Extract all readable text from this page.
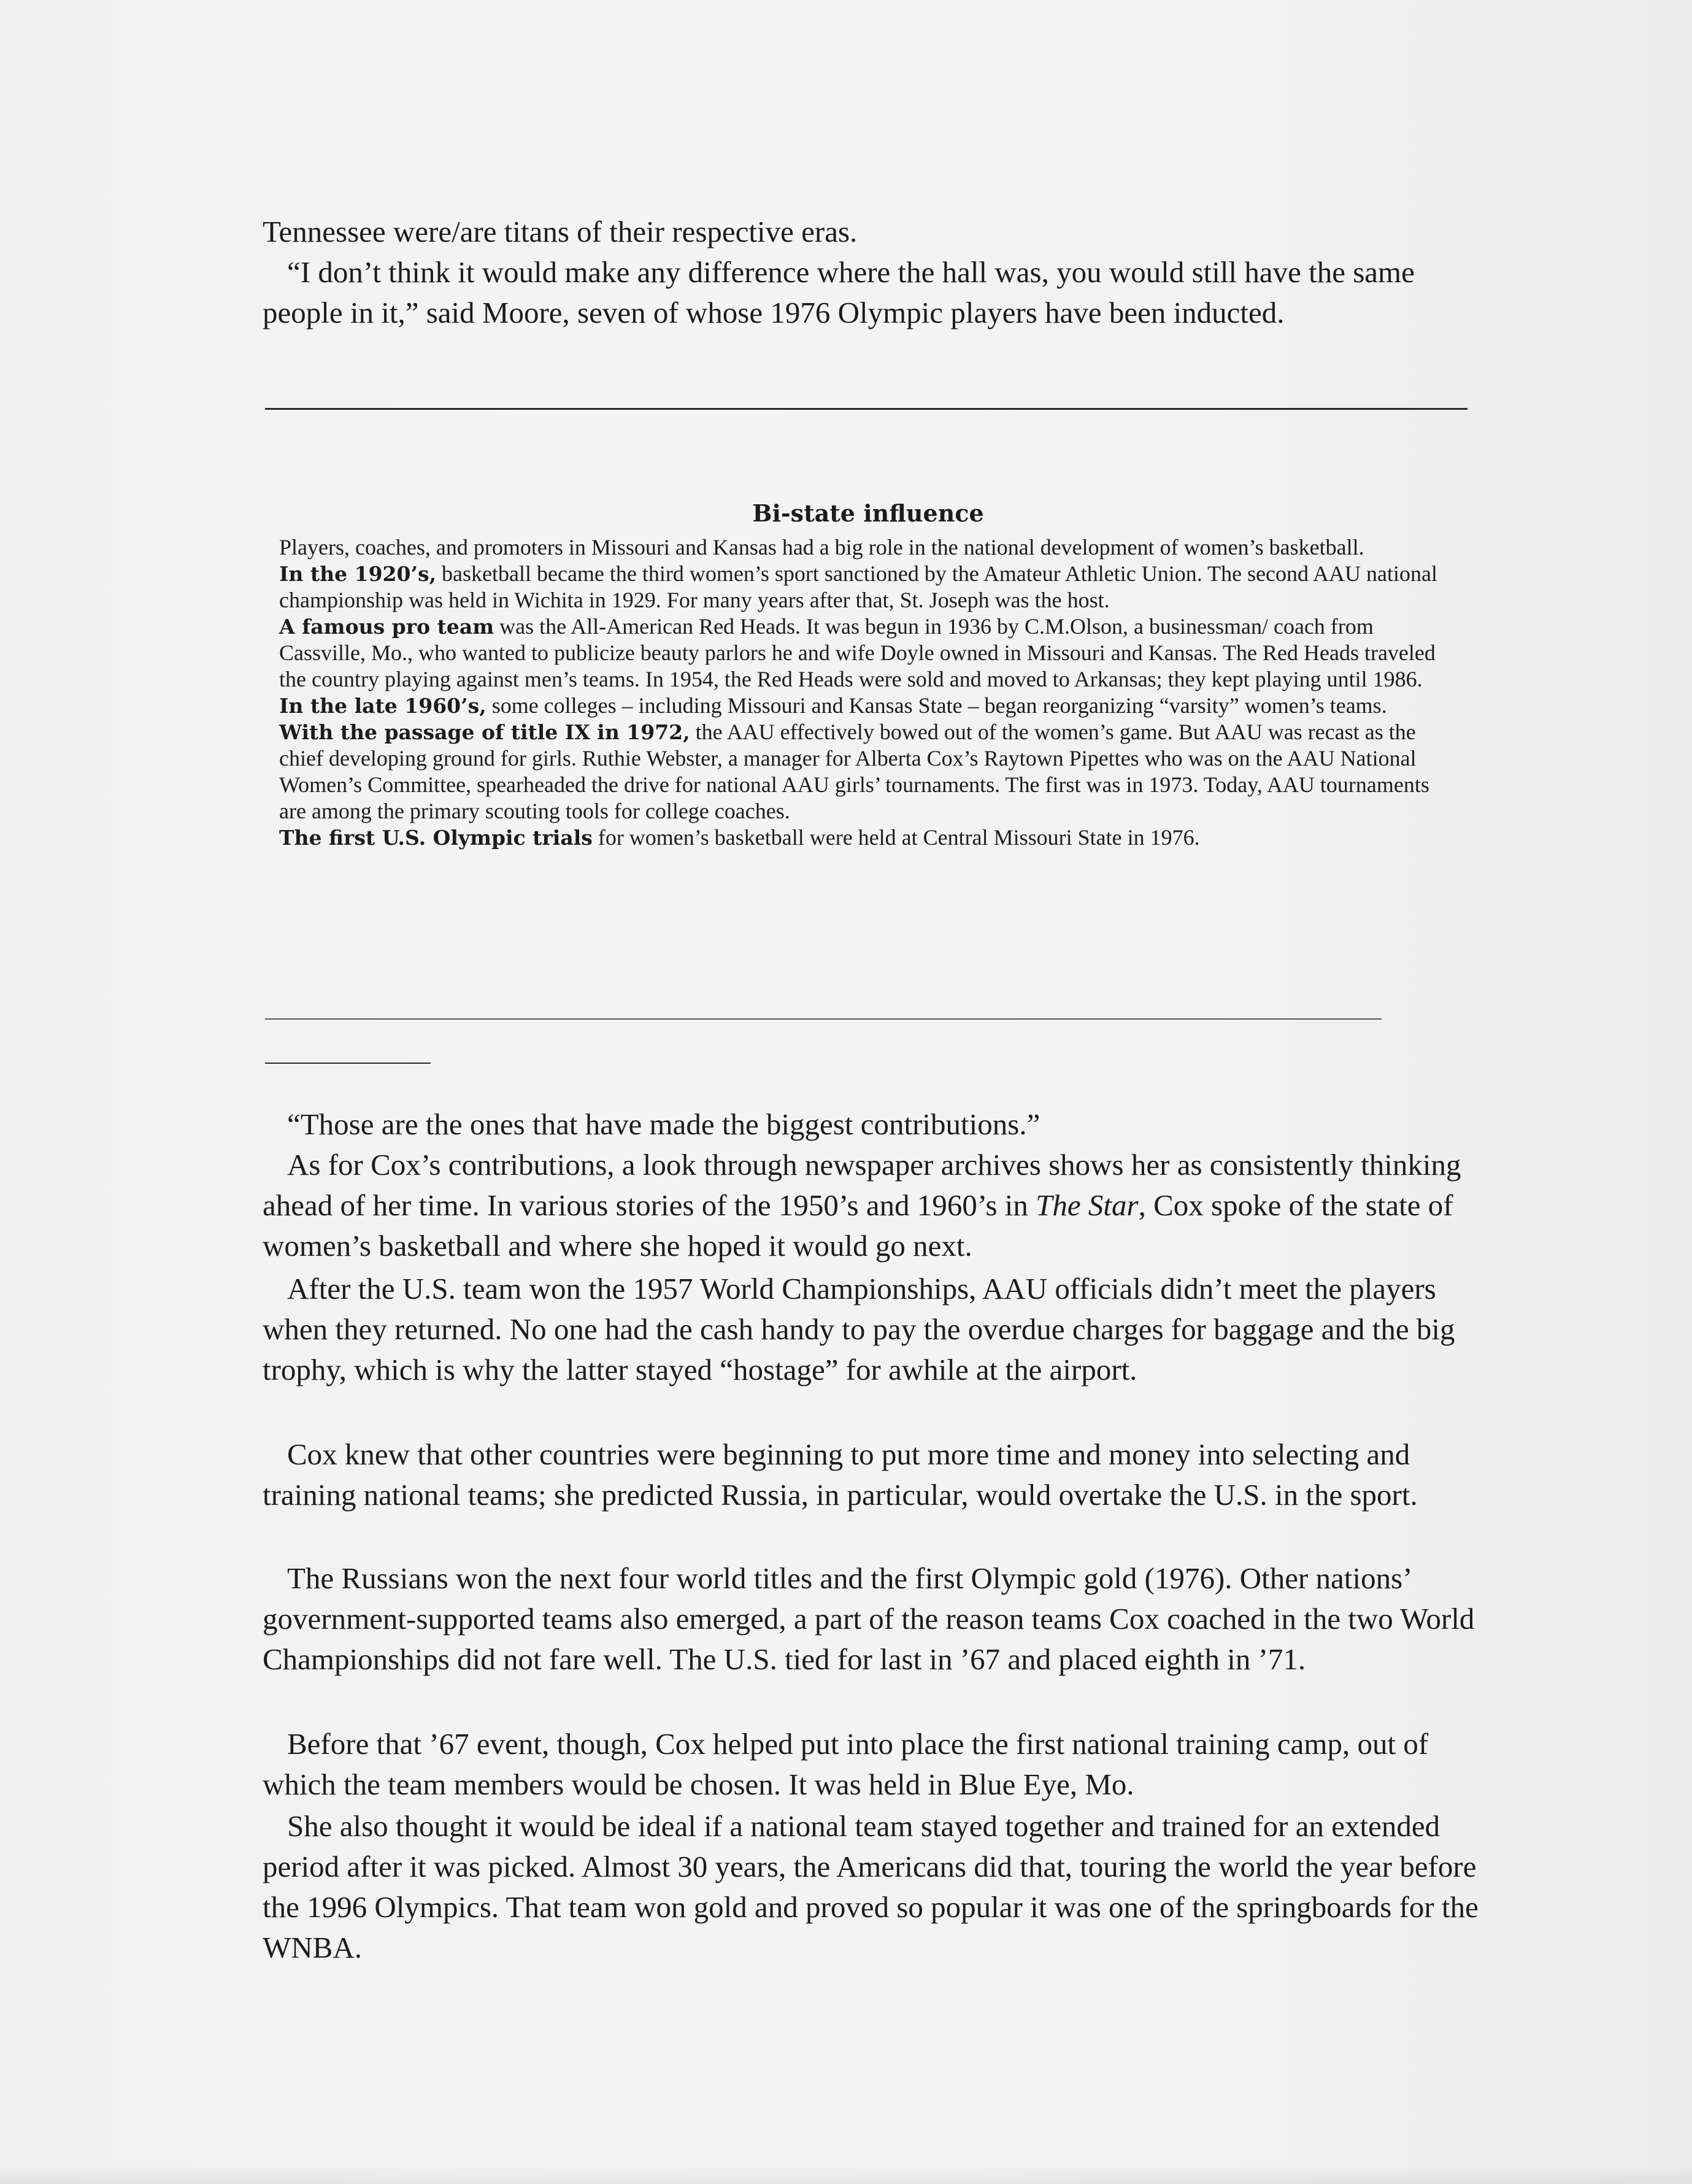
Tennessee were/are titans of their respective eras.

“I don’t think it would make any difference where the hall was, you would still have the same people in it,” said Moore, seven of whose 1976 Olympic players have been inducted.

Bi-state influence

Players, coaches, and promoters in Missouri and Kansas had a big role in the national development of women’s basketball.

In the 1920’s, basketball became the third women’s sport sanctioned by the Amateur Athletic Union. The second AAU national championship was held in Wichita in 1929. For many years after that, St. Joseph was the host.

A famous pro team was the All-American Red Heads. It was begun in 1936 by C.M.Olson, a businessman/ coach from Cassville, Mo., who wanted to publicize beauty parlors he and wife Doyle owned in Missouri and Kansas. The Red Heads traveled the country playing against men’s teams. In 1954, the Red Heads were sold and moved to Arkansas; they kept playing until 1986.

In the late 1960’s, some colleges – including Missouri and Kansas State – began reorganizing “varsity” women’s teams.

With the passage of title IX in 1972, the AAU effectively bowed out of the women’s game. But AAU was recast as the chief developing ground for girls. Ruthie Webster, a manager for Alberta Cox’s Raytown Pipettes who was on the AAU National Women’s Committee, spearheaded the drive for national AAU girls’ tournaments. The first was in 1973. Today, AAU tournaments are among the primary scouting tools for college coaches.

The first U.S. Olympic trials for women’s basketball were held at Central Missouri State in 1976.

“Those are the ones that have made the biggest contributions.”

As for Cox’s contributions, a look through newspaper archives shows her as consistently thinking ahead of her time. In various stories of the 1950’s and 1960’s in The Star, Cox spoke of the state of women’s basketball and where she hoped it would go next.

After the U.S. team won the 1957 World Championships, AAU officials didn’t meet the players when they returned. No one had the cash handy to pay the overdue charges for baggage and the big trophy, which is why the latter stayed “hostage” for awhile at the airport.

Cox knew that other countries were beginning to put more time and money into selecting and training national teams; she predicted Russia, in particular, would overtake the U.S. in the sport.

The Russians won the next four world titles and the first Olympic gold (1976). Other nations’ government-supported teams also emerged, a part of the reason teams Cox coached in the two World Championships did not fare well. The U.S. tied for last in ’67 and placed eighth in ’71.

Before that ’67 event, though, Cox helped put into place the first national training camp, out of which the team members would be chosen. It was held in Blue Eye, Mo.

She also thought it would be ideal if a national team stayed together and trained for an extended period after it was picked. Almost 30 years, the Americans did that, touring the world the year before the 1996 Olympics. That team won gold and proved so popular it was one of the springboards for the WNBA.
